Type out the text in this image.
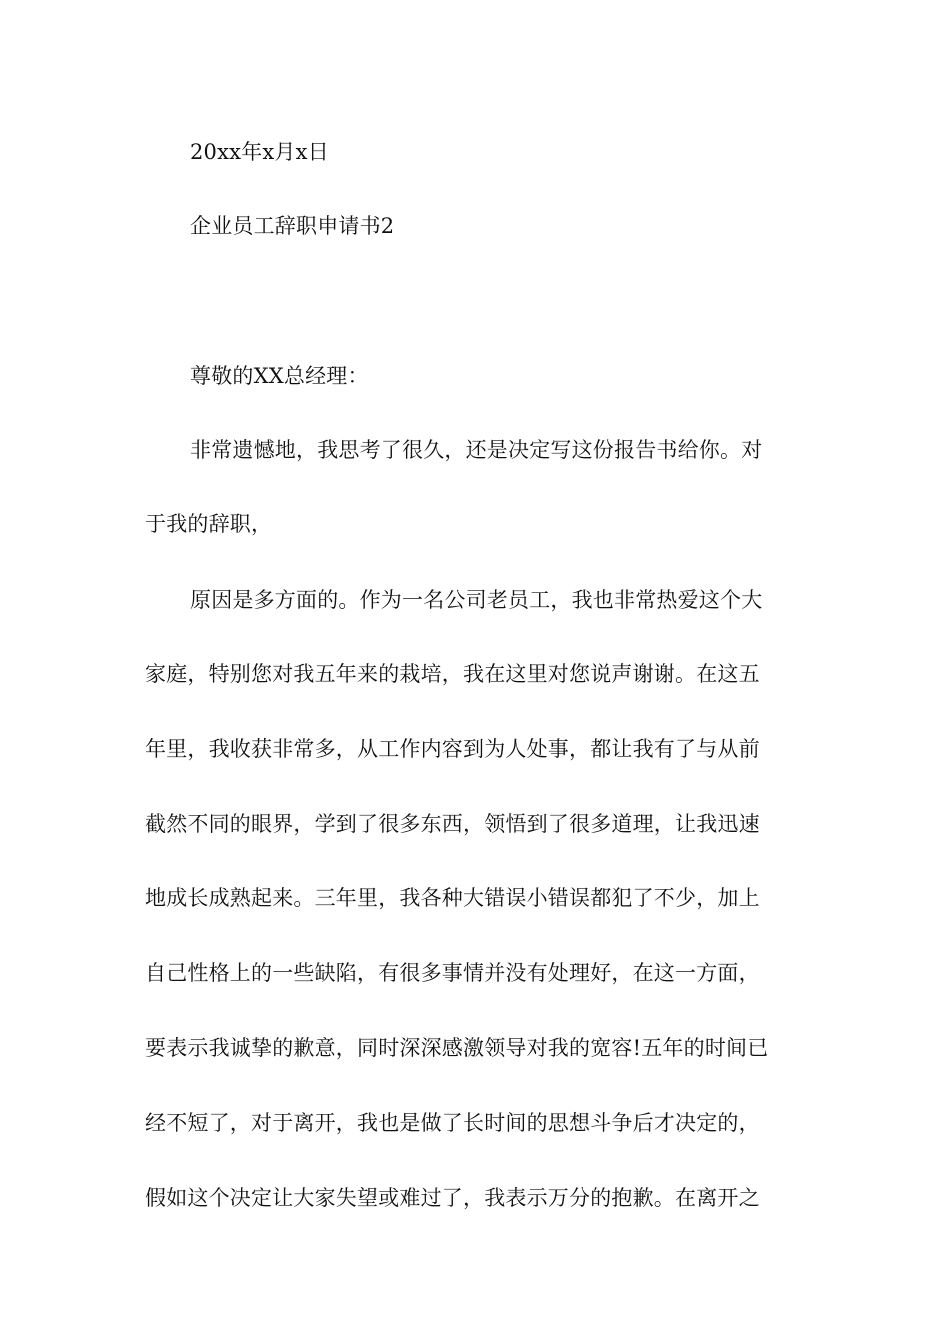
20xx年x月x日
企业员工辞职申请书2
尊敬的XX总经理：
非常遗憾地，我思考了很久，还是决定写这份报告书给你。对
于我的辞职，
原因是多方面的。作为一名公司老员工，我也非常热爱这个大
家庭，特别您对我五年来的栽培，我在这里对您说声谢谢。在这五
年里，我收获非常多，从工作内容到为人处事，都让我有了与从前
截然不同的眼界，学到了很多东西，领悟到了很多道理，让我迅速
地成长成熟起来。三年里，我各种大错误小错误都犯了不少，加上
自己性格上的一些缺陷，有很多事情并没有处理好，在这一方面，
要表示我诚挚的歉意，同时深深感激领导对我的宽容!五年的时间已
经不短了，对于离开，我也是做了长时间的思想斗争后才决定的，
假如这个决定让大家失望或难过了，我表示万分的抱歉。在离开之
